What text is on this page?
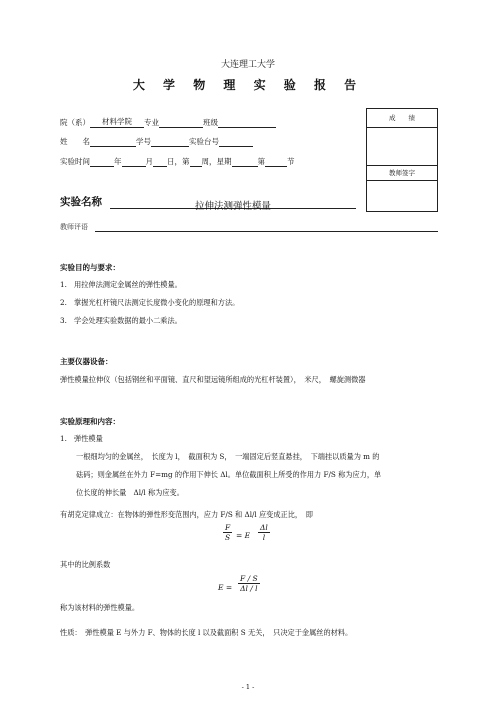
大连理工大学
大 学 物 理 实 验 报 告
院（系） 材料学院 专业	班级
姓　　名	学号	实验台号
实验时间	年	月 日，第 周，星期	第	节
成　　绩
教师签字
实验名称	拉伸法测弹性模量
教师评语
实验目的与要求：
1.　用拉伸法测定金属丝的弹性模量。
2.　掌握光杠杆镜尺法测定长度微小变化的原理和方法。
3.　学会处理实验数据的最小二乘法。
主要仪器设备：
弹性模量拉伸仪（包括钢丝和平面镜、直尺和望远镜所组成的光杠杆装置），　米尺，　螺旋测微器
实验原理和内容：
1.　弹性模量
一根细均匀的金属丝，　长度为 l，　截面积为 S，　一端固定后竖直悬挂，　下端挂以质量为 m 的
砝码；则金属丝在外力 F=mg 的作用下伸长 Δl。单位截面积上所受的作用力 F/S 称为应力，单
位长度的伸长量　Δl/l 称为应变。
有胡克定律成立：在物体的弹性形变范围内，应力 F/S 和 Δl/l 应变成正比，　即
$\frac{F}{S} = E \frac{\Delta l}{l}$
其中的比例系数
$E = \frac{F / S}{\Delta l / l}$
称为该材料的弹性模量。
性质：　弹性模量 E 与外力 F、物体的长度 l 以及截面积 S 无关，　只决定于金属丝的材料。
- 1 -
